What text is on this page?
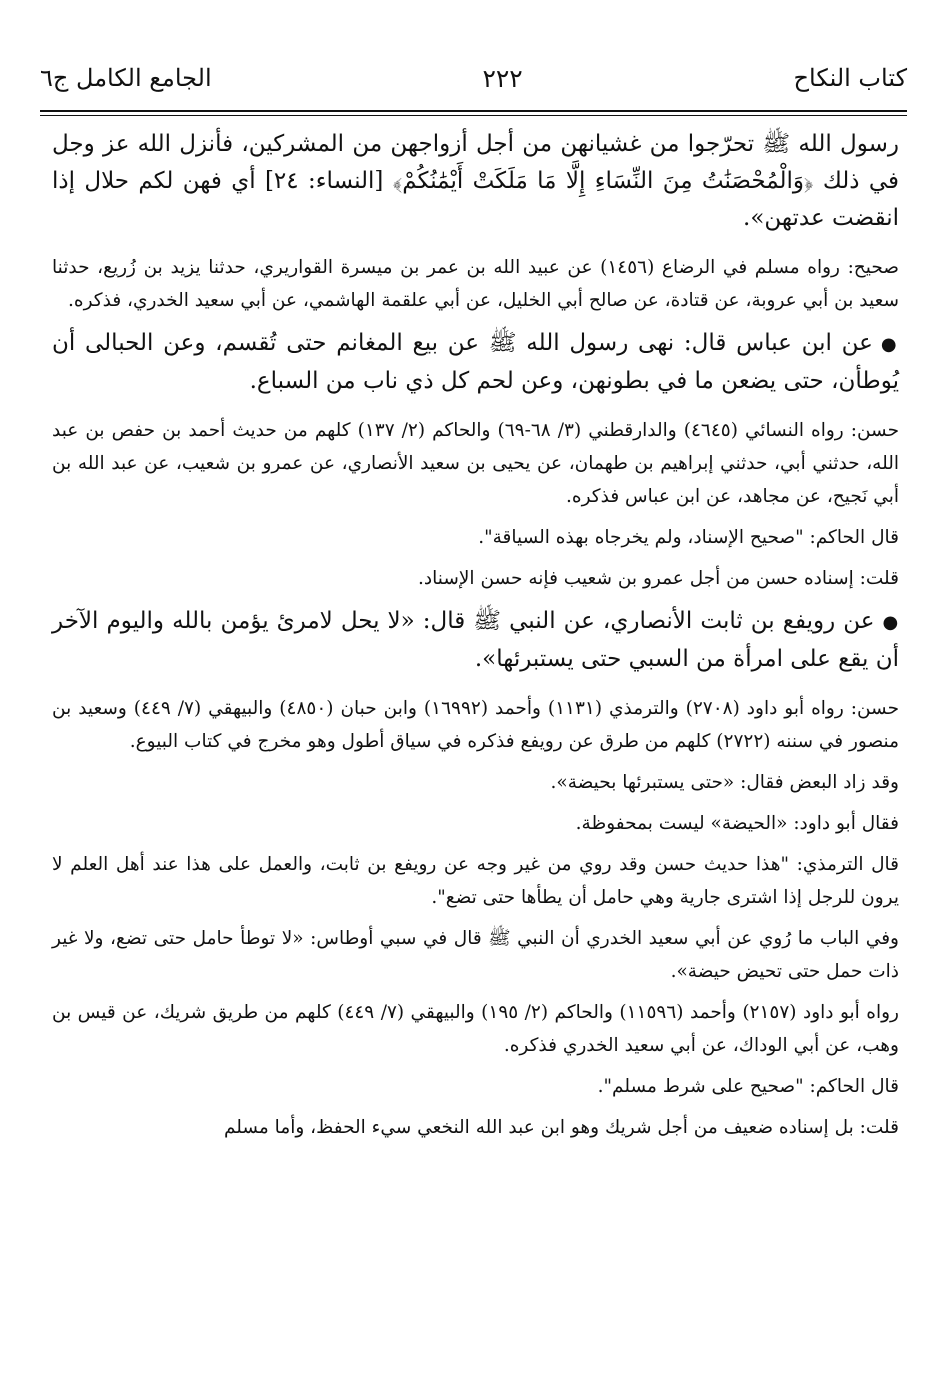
كتاب النكاح
٢٢٢
الجامع الكامل ج٦

رسول الله ﷺ تحرّجوا من غشيانهن من أجل أزواجهن من المشركين، فأنزل الله عز وجل في ذلك ﴿وَالْمُحْصَنَٰتُ مِنَ النِّسَاءِ إِلَّا مَا مَلَكَتْ أَيْمَٰنُكُمْ﴾ [النساء: ٢٤] أي فهن لكم حلال إذا انقضت عدتهن».

صحيح: رواه مسلم في الرضاع (١٤٥٦) عن عبيد الله بن عمر بن ميسرة القواريري، حدثنا يزيد بن زُريع، حدثنا سعيد بن أبي عروبة، عن قتادة، عن صالح أبي الخليل، عن أبي علقمة الهاشمي، عن أبي سعيد الخدري، فذكره.

●عن ابن عباس قال: نهى رسول الله ﷺ عن بيع المغانم حتى تُقسم، وعن الحبالى أن يُوطأن، حتى يضعن ما في بطونهن، وعن لحم كل ذي ناب من السباع.

حسن: رواه النسائي (٤٦٤٥) والدارقطني (٣/ ٦٨-٦٩) والحاكم (٢/ ١٣٧) كلهم من حديث أحمد بن حفص بن عبد الله، حدثني أبي، حدثني إبراهيم بن طهمان، عن يحيى بن سعيد الأنصاري، عن عمرو بن شعيب، عن عبد الله بن أبي نَجيح، عن مجاهد، عن ابن عباس فذكره.

قال الحاكم: "صحيح الإسناد، ولم يخرجاه بهذه السياقة".

قلت: إسناده حسن من أجل عمرو بن شعيب فإنه حسن الإسناد.

●عن رويفع بن ثابت الأنصاري، عن النبي ﷺ قال: «لا يحل لامرئ يؤمن بالله واليوم الآخر أن يقع على امرأة من السبي حتى يستبرئها».

حسن: رواه أبو داود (٢٧٠٨) والترمذي (١١٣١) وأحمد (١٦٩٩٢) وابن حبان (٤٨٥٠) والبيهقي (٧/ ٤٤٩) وسعيد بن منصور في سننه (٢٧٢٢) كلهم من طرق عن رويفع فذكره في سياق أطول وهو مخرج في كتاب البيوع.

وقد زاد البعض فقال: «حتى يستبرئها بحيضة».

فقال أبو داود: «الحيضة» ليست بمحفوظة.

قال الترمذي: "هذا حديث حسن وقد روي من غير وجه عن رويفع بن ثابت، والعمل على هذا عند أهل العلم لا يرون للرجل إذا اشترى جارية وهي حامل أن يطأها حتى تضع".

وفي الباب ما رُوي عن أبي سعيد الخدري أن النبي ﷺ قال في سبي أوطاس: «لا توطأ حامل حتى تضع، ولا غير ذات حمل حتى تحيض حيضة».

رواه أبو داود (٢١٥٧) وأحمد (١١٥٩٦) والحاكم (٢/ ١٩٥) والبيهقي (٧/ ٤٤٩) كلهم من طريق شريك، عن قيس بن وهب، عن أبي الوداك، عن أبي سعيد الخدري فذكره.

قال الحاكم: "صحيح على شرط مسلم".

قلت: بل إسناده ضعيف من أجل شريك وهو ابن عبد الله النخعي سيء الحفظ، وأما مسلم
